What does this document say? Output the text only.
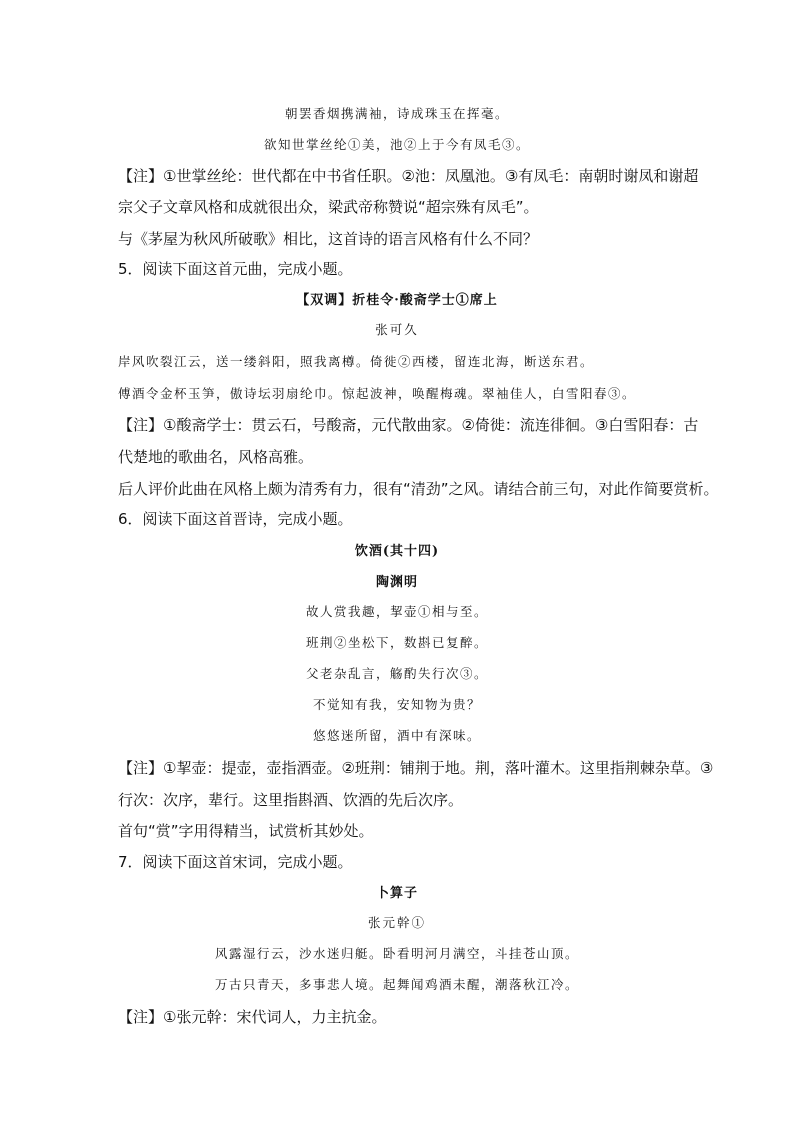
朝罢香烟携满袖，诗成珠玉在挥毫。
欲知世掌丝纶①美，池②上于今有凤毛③。
【注】①世掌丝纶：世代都在中书省任职。②池：凤凰池。③有凤毛：南朝时谢凤和谢超
宗父子文章风格和成就很出众，梁武帝称赞说“超宗殊有凤毛”。
与《茅屋为秋风所破歌》相比，这首诗的语言风格有什么不同？
5．阅读下面这首元曲，完成小题。
【双调】折桂令·酸斋学士①席上
张可久
岸风吹裂江云，送一缕斜阳，照我离樽。倚徙②西楼，留连北海，断送东君。
傅酒令金杯玉笋，傲诗坛羽扇纶巾。惊起波神，唤醒梅魂。翠袖佳人，白雪阳春③。
【注】①酸斋学士：贯云石，号酸斋，元代散曲家。②倚徙：流连徘徊。③白雪阳春：古
代楚地的歌曲名，风格高雅。
后人评价此曲在风格上颇为清秀有力，很有“清劲”之风。请结合前三句，对此作简要赏析。
6．阅读下面这首晋诗，完成小题。
饮酒(其十四)
陶渊明
故人赏我趣，挈壶①相与至。
班荆②坐松下，数斟已复醉。
父老杂乱言，觞酌失行次③。
不觉知有我，安知物为贵？
悠悠迷所留，酒中有深味。
【注】①挈壶：提壶，壶指酒壶。②班荆：铺荆于地。荆，落叶灌木。这里指荆棘杂草。③
行次：次序，辈行。这里指斟酒、饮酒的先后次序。
首句“赏”字用得精当，试赏析其妙处。
7．阅读下面这首宋词，完成小题。
卜算子
张元幹①
风露湿行云，沙水迷归艇。卧看明河月满空，斗挂苍山顶。
万古只青天，多事悲人境。起舞闻鸡酒未醒，潮落秋江冷。
【注】①张元幹：宋代词人，力主抗金。
